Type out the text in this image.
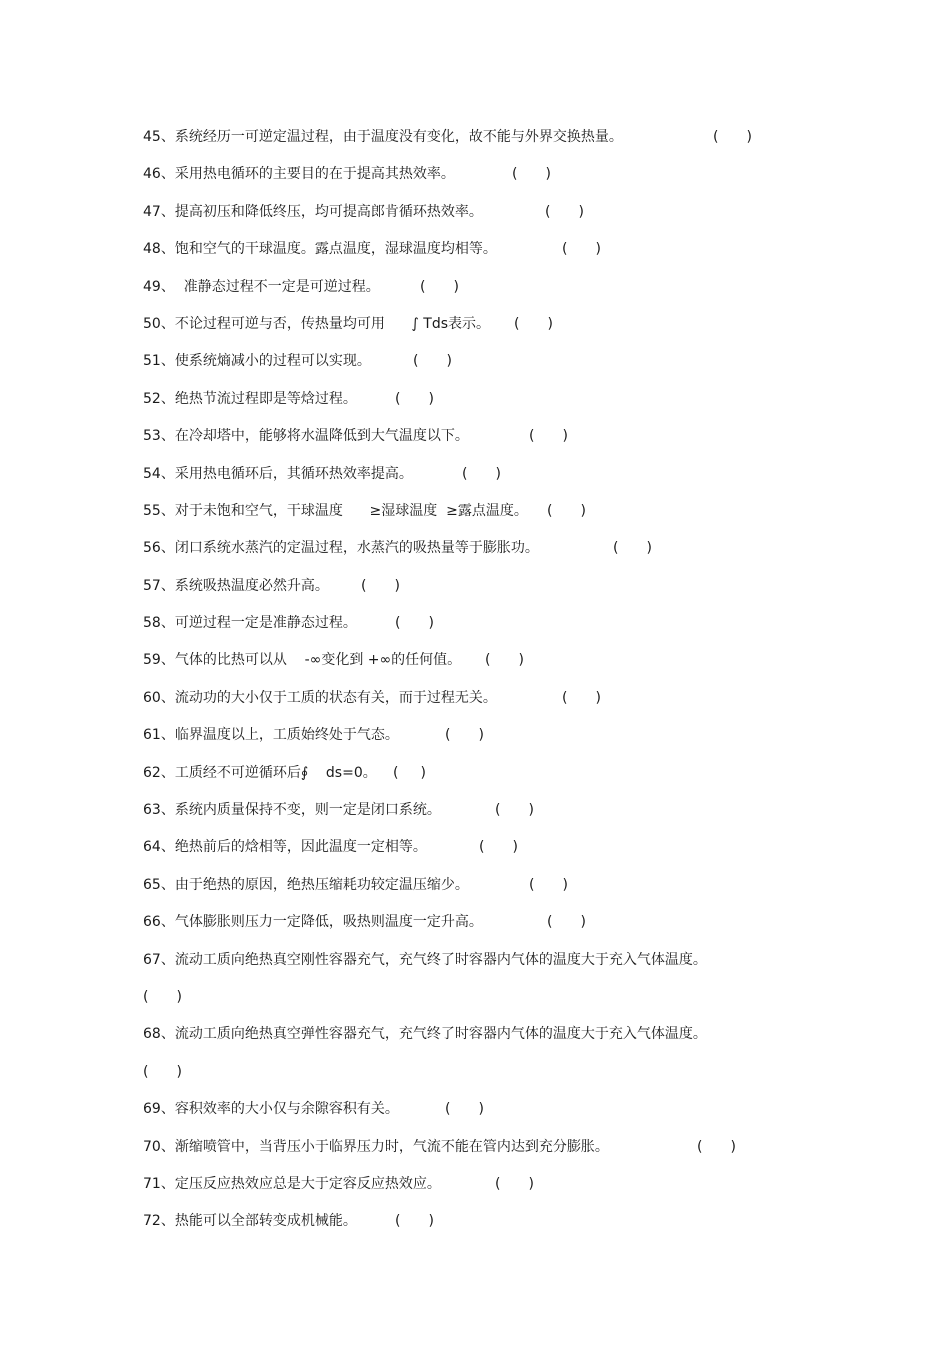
45、系统经历一可逆定温过程，由于温度没有变化，故不能与外界交换热量。	( )
46、采用热电循环的主要目的在于提高其热效率。	( )
47、提高初压和降低终压，均可提高郎肯循环热效率。	( )
48、饱和空气的干球温度。露点温度，湿球温度均相等。	( )
49、  准静态过程不一定是可逆过程。	( )
50、不论过程可逆与否，传热量均可用      ∫ Tds表示。 ( )
51、使系统熵减小的过程可以实现。	( )
52、绝热节流过程即是等焓过程。	( )
53、在冷却塔中，能够将水温降低到大气温度以下。	( )
54、采用热电循环后，其循环热效率提高。	( )
55、对于未饱和空气，干球温度      ≥湿球温度  ≥露点温度。 ( )
56、闭口系统水蒸汽的定温过程，水蒸汽的吸热量等于膨胀功。	( )
57、系统吸热温度必然升高。 ( )
58、可逆过程一定是准静态过程。	( )
59、气体的比热可以从    -∞变化到 +∞的任何值。 ( )
60、流动功的大小仅于工质的状态有关，而于过程无关。	( )
61、临界温度以上，工质始终处于气态。	( )
62、工质经不可逆循环后∮    ds=0。 ( )
63、系统内质量保持不变，则一定是闭口系统。	( )
64、绝热前后的焓相等，因此温度一定相等。	( )
65、由于绝热的原因，绝热压缩耗功较定温压缩少。	( )
66、气体膨胀则压力一定降低，吸热则温度一定升高。	( )
67、流动工质向绝热真空刚性容器充气，充气终了时容器内气体的温度大于充入气体温度。
( )
68、流动工质向绝热真空弹性容器充气，充气终了时容器内气体的温度大于充入气体温度。
( )
69、容积效率的大小仅与余隙容积有关。	( )
70、渐缩喷管中，当背压小于临界压力时，气流不能在管内达到充分膨胀。	( )
71、定压反应热效应总是大于定容反应热效应。	( )
72、热能可以全部转变成机械能。	( )
